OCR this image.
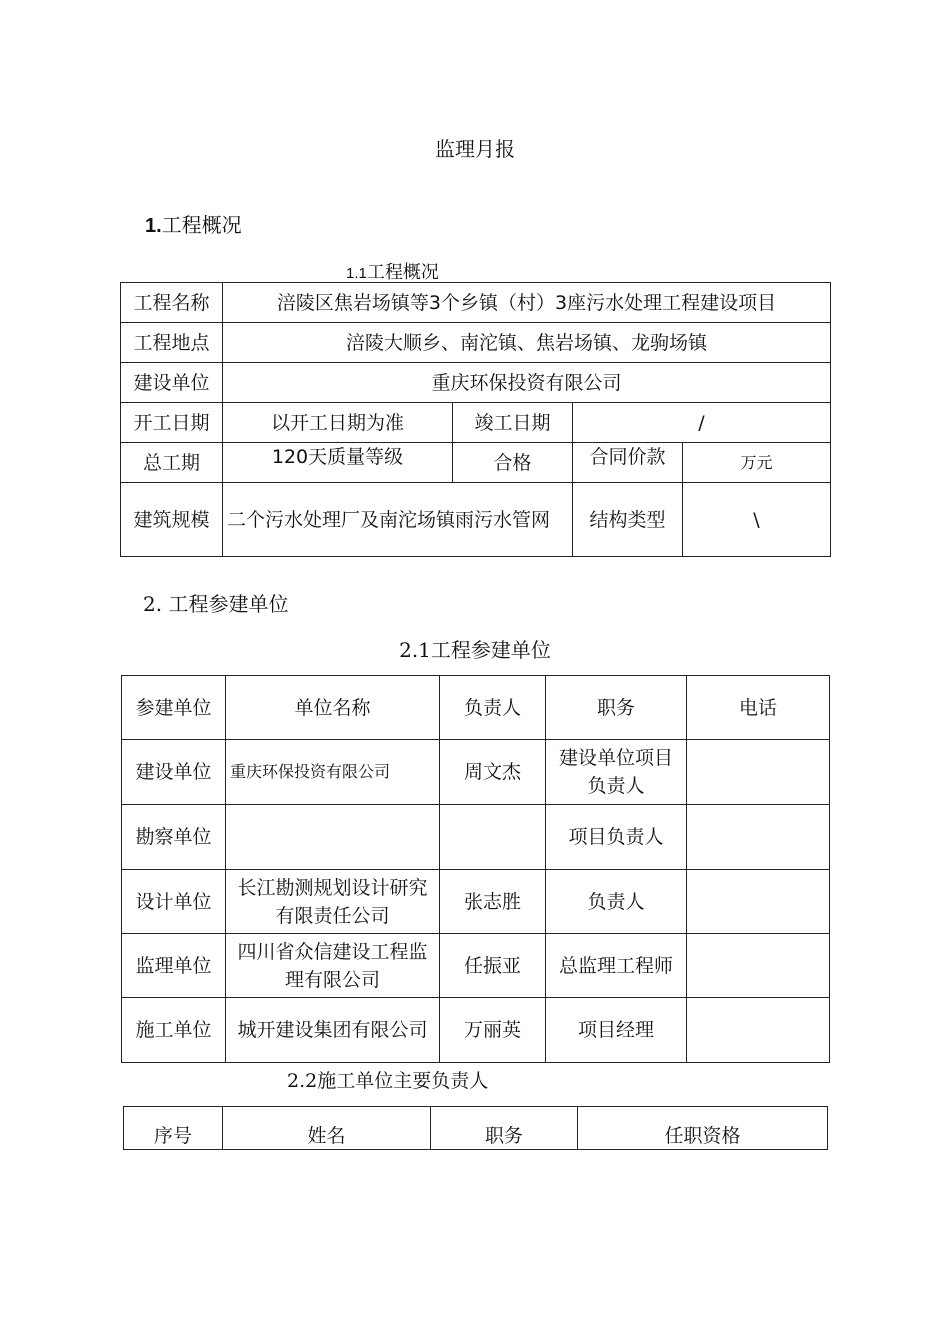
监理月报
1.工程概况
1.1工程概况
工程名称	涪陵区焦岩场镇等3个乡镇（村）3座污水处理工程建设项目			
工程地点	涪陵大顺乡、南沱镇、焦岩场镇、龙驹场镇			
建设单位	重庆环保投资有限公司			
开工日期	以开工日期为准	竣工日期	/	
总工期	120天质量等级	合格	合同价款	万元
建筑规模	二个污水处理厂及南沱场镇雨污水管网		结构类型	\
2. 工程参建单位
2.1工程参建单位
参建单位	单位名称	负责人	职务	电话
建设单位	重庆环保投资有限公司	周文杰	建设单位项目负责人	
勘察单位			项目负责人	
设计单位	长江勘测规划设计研究有限责任公司	张志胜	负责人	
监理单位	四川省众信建设工程监理有限公司	任振亚	总监理工程师	
施工单位	城开建设集团有限公司	万丽英	项目经理	
2.2施工单位主要负责人
序号	姓名	职务	任职资格
